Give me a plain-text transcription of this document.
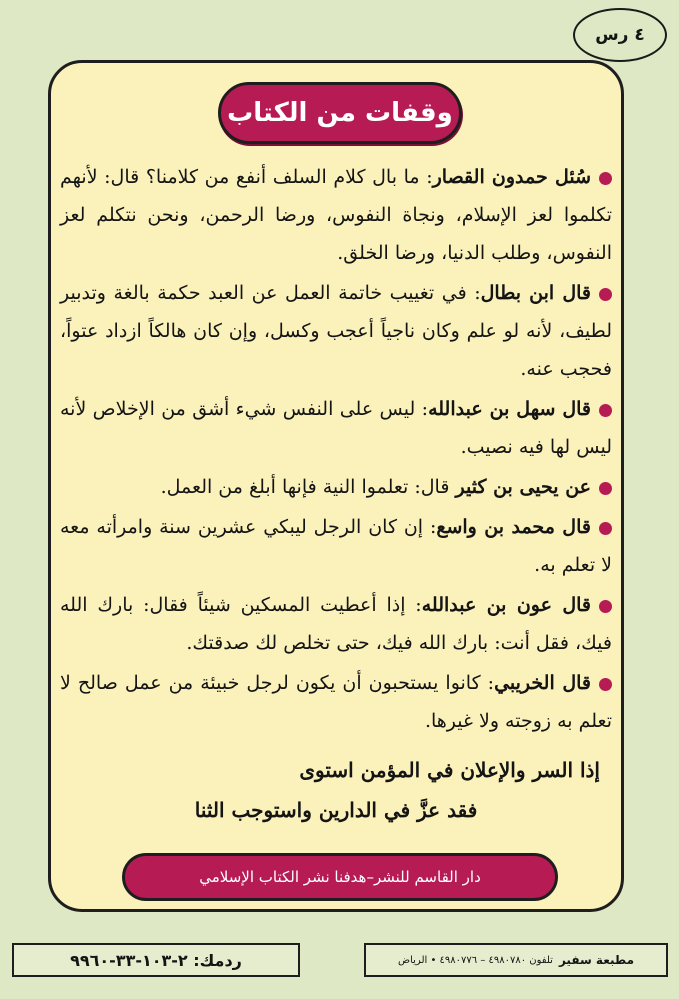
٤ رس
وقفات من الكتاب

سُئل حمدون القصار: ما بال كلام السلف أنفع من كلامنا؟ قال: لأنهم تكلموا لعز الإسلام، ونجاة النفوس، ورضا الرحمن، ونحن نتكلم لعز النفوس، وطلب الدنيا، ورضا الخلق.

قال ابن بطال: في تغييب خاتمة العمل عن العبد حكمة بالغة وتدبير لطيف، لأنه لو علم وكان ناجياً أعجب وكسل، وإن كان هالكاً ازداد عتواً، فحجب عنه.

قال سهل بن عبدالله: ليس على النفس شيء أشق من الإخلاص لأنه ليس لها فيه نصيب.

عن يحيى بن كثير قال: تعلموا النية فإنها أبلغ من العمل.

قال محمد بن واسع: إن كان الرجل ليبكي عشرين سنة وامرأته معه لا تعلم به.

قال عون بن عبدالله: إذا أعطيت المسكين شيئاً فقال: بارك الله فيك، فقل أنت: بارك الله فيك، حتى تخلص لك صدقتك.

قال الخريبي: كانوا يستحبون أن يكون لرجل خبيئة من عمل صالح لا تعلم به زوجته ولا غيرها.

إذا السر والإعلان في المؤمن استوى
فقد عزَّ في الدارين واستوجب الثنا
دار القاسم للنشر–هدفنا نشر الكتاب الإسلامي
ردمك: ٢-١٠٣-٣٣-٩٩٦٠	مطبعة سفير
تلفون ٤٩٨٠٧٨٠ – ٤٩٨٠٧٧٦ • الرياض
